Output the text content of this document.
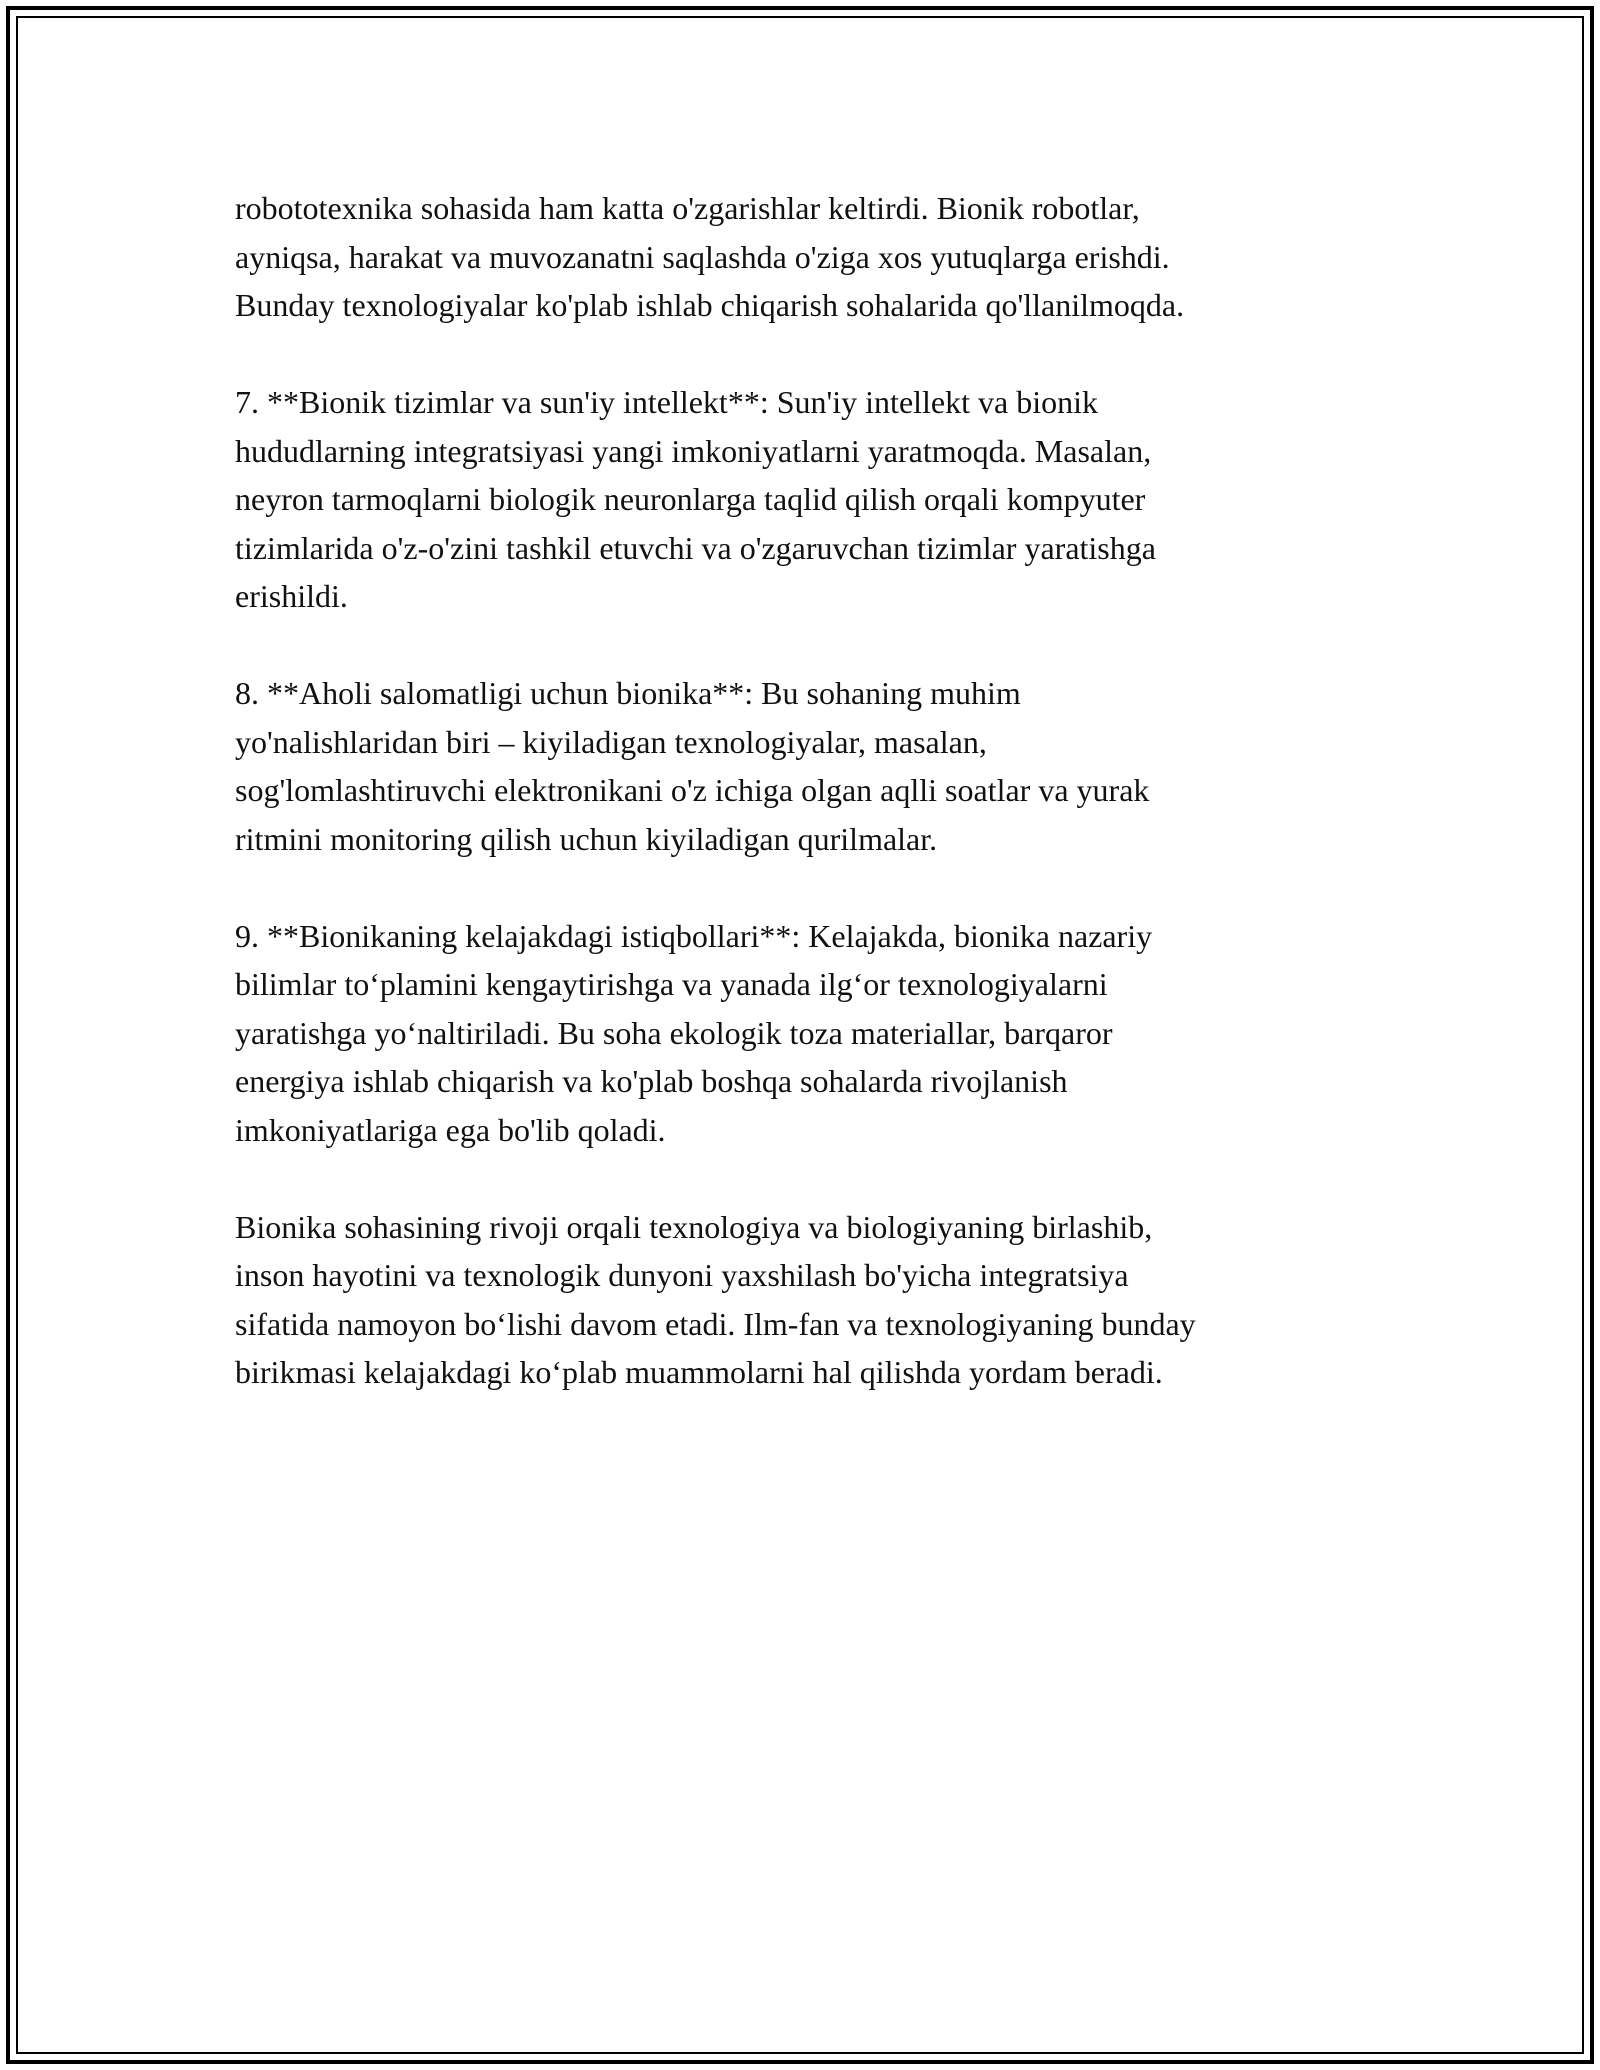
robototexnika sohasida ham katta o'zgarishlar keltirdi. Bionik robotlar,
ayniqsa, harakat va muvozanatni saqlashda o'ziga xos yutuqlarga erishdi.
Bunday texnologiyalar ko'plab ishlab chiqarish sohalarida qo'llanilmoqda.

7. **Bionik tizimlar va sun'iy intellekt**: Sun'iy intellekt va bionik
hududlarning integratsiyasi yangi imkoniyatlarni yaratmoqda. Masalan,
neyron tarmoqlarni biologik neuronlarga taqlid qilish orqali kompyuter
tizimlarida o'z-o'zini tashkil etuvchi va o'zgaruvchan tizimlar yaratishga
erishildi.

8. **Aholi salomatligi uchun bionika**: Bu sohaning muhim
yo'nalishlaridan biri – kiyiladigan texnologiyalar, masalan,
sog'lomlashtiruvchi elektronikani o'z ichiga olgan aqlli soatlar va yurak
ritmini monitoring qilish uchun kiyiladigan qurilmalar.

9. **Bionikaning kelajakdagi istiqbollari**: Kelajakda, bionika nazariy
bilimlar to‘plamini kengaytirishga va yanada ilg‘or texnologiyalarni
yaratishga yo‘naltiriladi. Bu soha ekologik toza materiallar, barqaror
energiya ishlab chiqarish va ko'plab boshqa sohalarda rivojlanish
imkoniyatlariga ega bo'lib qoladi.

Bionika sohasining rivoji orqali texnologiya va biologiyaning birlashib,
inson hayotini va texnologik dunyoni yaxshilash bo'yicha integratsiya
sifatida namoyon bo‘lishi davom etadi. Ilm-fan va texnologiyaning bunday
birikmasi kelajakdagi ko‘plab muammolarni hal qilishda yordam beradi.
